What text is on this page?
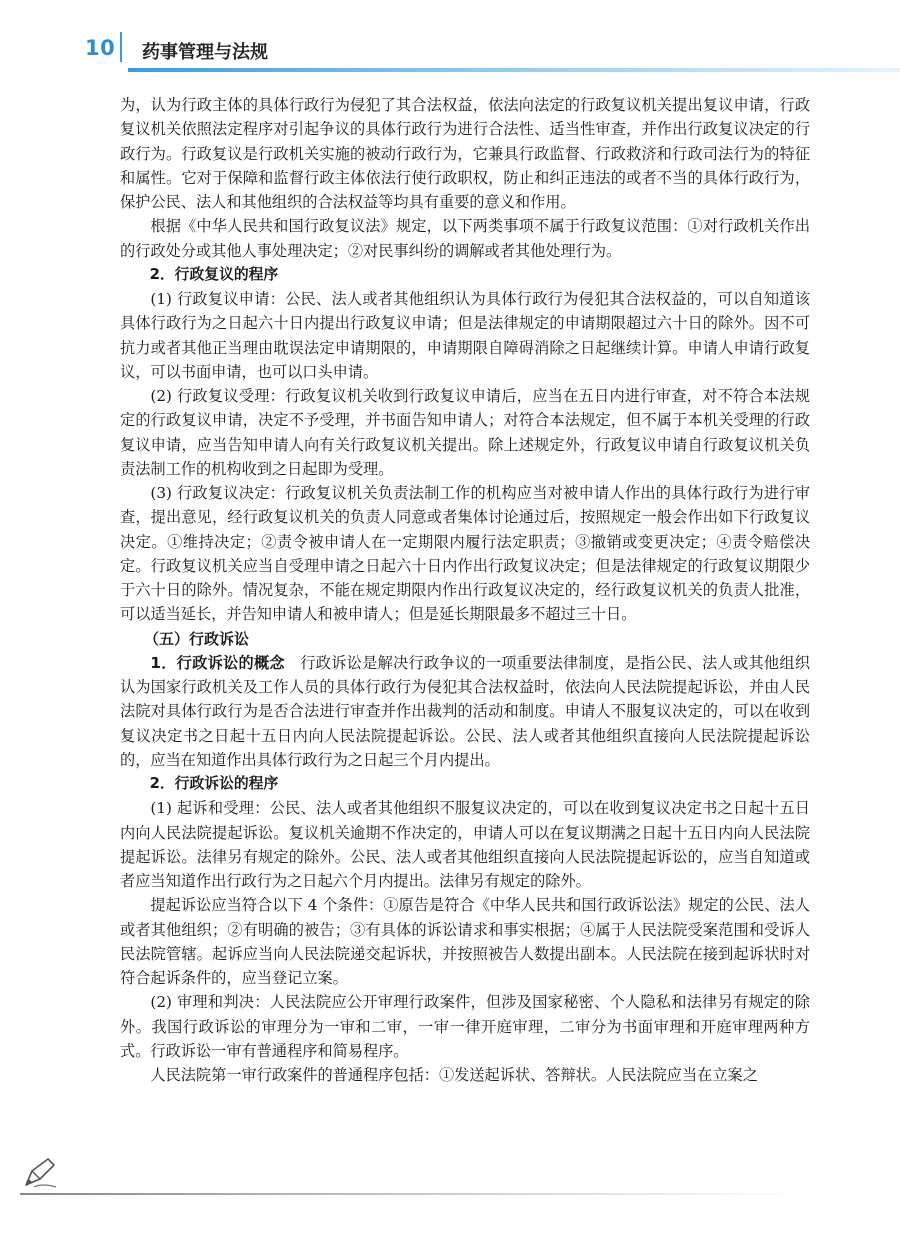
10 药事管理与法规

为，认为行政主体的具体行政行为侵犯了其合法权益，依法向法定的行政复议机关提出复议申请，行政复议机关依照法定程序对引起争议的具体行政行为进行合法性、适当性审查，并作出行政复议决定的行政行为。行政复议是行政机关实施的被动行政行为，它兼具行政监督、行政救济和行政司法行为的特征和属性。它对于保障和监督行政主体依法行使行政职权，防止和纠正违法的或者不当的具体行政行为，保护公民、法人和其他组织的合法权益等均具有重要的意义和作用。

根据《中华人民共和国行政复议法》规定，以下两类事项不属于行政复议范围：①对行政机关作出的行政处分或其他人事处理决定；②对民事纠纷的调解或者其他处理行为。

2．行政复议的程序

(1) 行政复议申请：公民、法人或者其他组织认为具体行政行为侵犯其合法权益的，可以自知道该具体行政行为之日起六十日内提出行政复议申请；但是法律规定的申请期限超过六十日的除外。因不可抗力或者其他正当理由耽误法定申请期限的，申请期限自障碍消除之日起继续计算。申请人申请行政复议，可以书面申请，也可以口头申请。

(2) 行政复议受理：行政复议机关收到行政复议申请后，应当在五日内进行审查，对不符合本法规定的行政复议申请，决定不予受理，并书面告知申请人；对符合本法规定，但不属于本机关受理的行政复议申请，应当告知申请人向有关行政复议机关提出。除上述规定外，行政复议申请自行政复议机关负责法制工作的机构收到之日起即为受理。

(3) 行政复议决定：行政复议机关负责法制工作的机构应当对被申请人作出的具体行政行为进行审查，提出意见，经行政复议机关的负责人同意或者集体讨论通过后，按照规定一般会作出如下行政复议决定。①维持决定；②责令被申请人在一定期限内履行法定职责；③撤销或变更决定；④责令赔偿决定。行政复议机关应当自受理申请之日起六十日内作出行政复议决定；但是法律规定的行政复议期限少于六十日的除外。情况复杂，不能在规定期限内作出行政复议决定的，经行政复议机关的负责人批准，可以适当延长，并告知申请人和被申请人；但是延长期限最多不超过三十日。

（五）行政诉讼

1．行政诉讼的概念　行政诉讼是解决行政争议的一项重要法律制度，是指公民、法人或其他组织认为国家行政机关及工作人员的具体行政行为侵犯其合法权益时，依法向人民法院提起诉讼，并由人民法院对具体行政行为是否合法进行审查并作出裁判的活动和制度。申请人不服复议决定的，可以在收到复议决定书之日起十五日内向人民法院提起诉讼。公民、法人或者其他组织直接向人民法院提起诉讼的，应当在知道作出具体行政行为之日起三个月内提出。

2．行政诉讼的程序

(1) 起诉和受理：公民、法人或者其他组织不服复议决定的，可以在收到复议决定书之日起十五日内向人民法院提起诉讼。复议机关逾期不作决定的，申请人可以在复议期满之日起十五日内向人民法院提起诉讼。法律另有规定的除外。公民、法人或者其他组织直接向人民法院提起诉讼的，应当自知道或者应当知道作出行政行为之日起六个月内提出。法律另有规定的除外。

提起诉讼应当符合以下 4 个条件：①原告是符合《中华人民共和国行政诉讼法》规定的公民、法人或者其他组织；②有明确的被告；③有具体的诉讼请求和事实根据；④属于人民法院受案范围和受诉人民法院管辖。起诉应当向人民法院递交起诉状，并按照被告人数提出副本。人民法院在接到起诉状时对符合起诉条件的，应当登记立案。

(2) 审理和判决：人民法院应公开审理行政案件，但涉及国家秘密、个人隐私和法律另有规定的除外。我国行政诉讼的审理分为一审和二审，一审一律开庭审理，二审分为书面审理和开庭审理两种方式。行政诉讼一审有普通程序和简易程序。

人民法院第一审行政案件的普通程序包括：①发送起诉状、答辩状。人民法院应当在立案之
